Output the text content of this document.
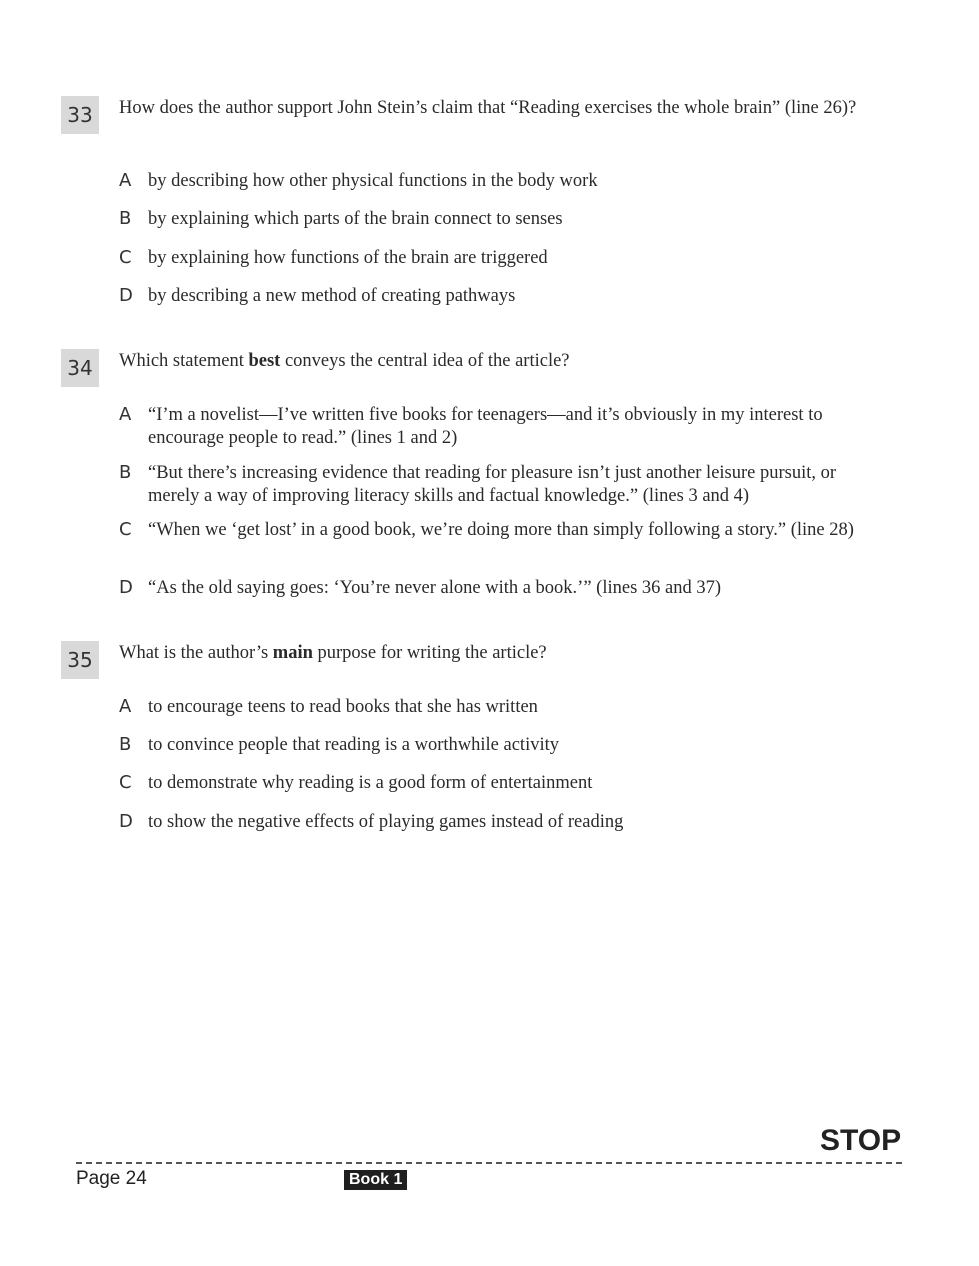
33	How does the author support John Stein’s claim that “Reading exercises the whole brain” (line 26)?
A by describing how other physical functions in the body work
B by explaining which parts of the brain connect to senses
C by explaining how functions of the brain are triggered
D by describing a new method of creating pathways
34	Which statement best conveys the central idea of the article?
A “I’m a novelist—I’ve written five books for teenagers—and it’s obviously in my interest to encourage people to read.” (lines 1 and 2)
B “But there’s increasing evidence that reading for pleasure isn’t just another leisure pursuit, or merely a way of improving literacy skills and factual knowledge.” (lines 3 and 4)
C “When we ‘get lost’ in a good book, we’re doing more than simply following a story.” (line 28)
D “As the old saying goes: ‘You’re never alone with a book.’” (lines 36 and 37)
35	What is the author’s main purpose for writing the article?
A to encourage teens to read books that she has written
B to convince people that reading is a worthwhile activity
C to demonstrate why reading is a good form of entertainment
D to show the negative effects of playing games instead of reading
STOP
Page 24	Book 1
